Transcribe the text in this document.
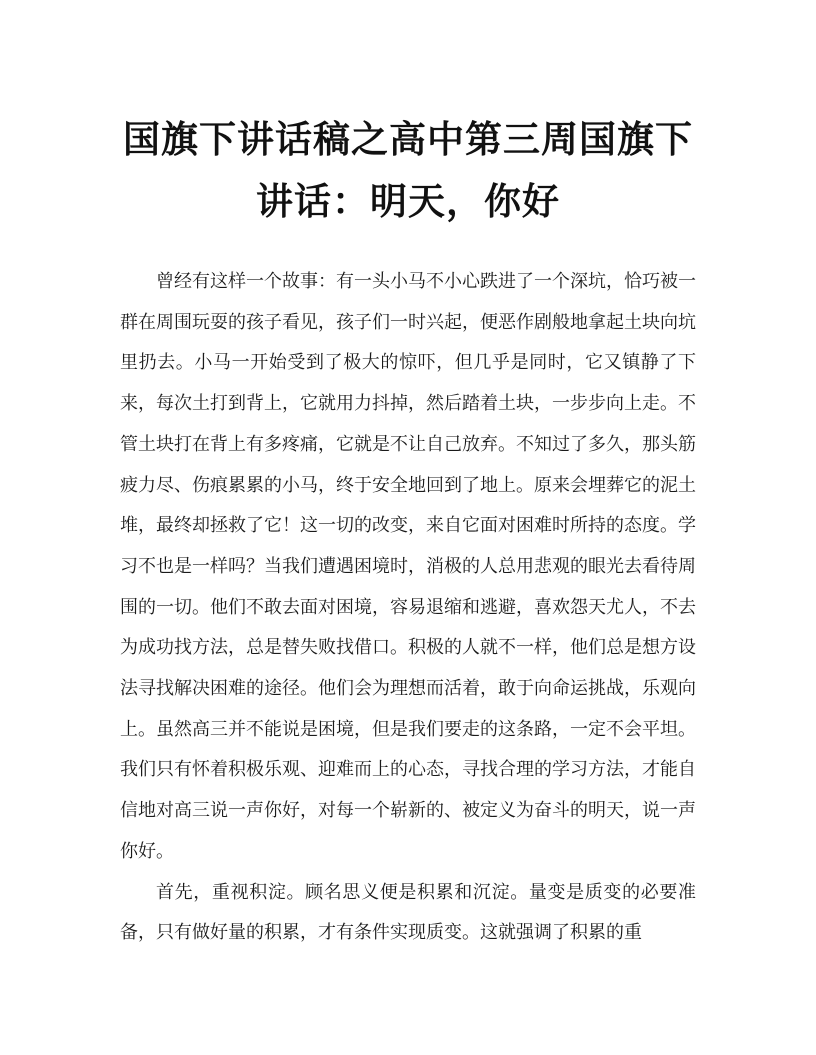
国旗下讲话稿之高中第三周国旗下讲话：明天，你好

曾经有这样一个故事：有一头小马不小心跌进了一个深坑，恰巧被一群在周围玩耍的孩子看见，孩子们一时兴起，便恶作剧般地拿起土块向坑里扔去。小马一开始受到了极大的惊吓，但几乎是同时，它又镇静了下来，每次土打到背上，它就用力抖掉，然后踏着土块，一步步向上走。不管土块打在背上有多疼痛，它就是不让自己放弃。不知过了多久，那头筋疲力尽、伤痕累累的小马，终于安全地回到了地上。原来会埋葬它的泥土堆，最终却拯救了它！这一切的改变，来自它面对困难时所持的态度。学习不也是一样吗？当我们遭遇困境时，消极的人总用悲观的眼光去看待周围的一切。他们不敢去面对困境，容易退缩和逃避，喜欢怨天尤人，不去为成功找方法，总是替失败找借口。积极的人就不一样，他们总是想方设法寻找解决困难的途径。他们会为理想而活着，敢于向命运挑战，乐观向上。虽然高三并不能说是困境，但是我们要走的这条路，一定不会平坦。我们只有怀着积极乐观、迎难而上的心态，寻找合理的学习方法，才能自信地对高三说一声你好，对每一个崭新的、被定义为奋斗的明天，说一声你好。

首先，重视积淀。顾名思义便是积累和沉淀。量变是质变的必要准备，只有做好量的积累，才有条件实现质变。这就强调了积累的重
